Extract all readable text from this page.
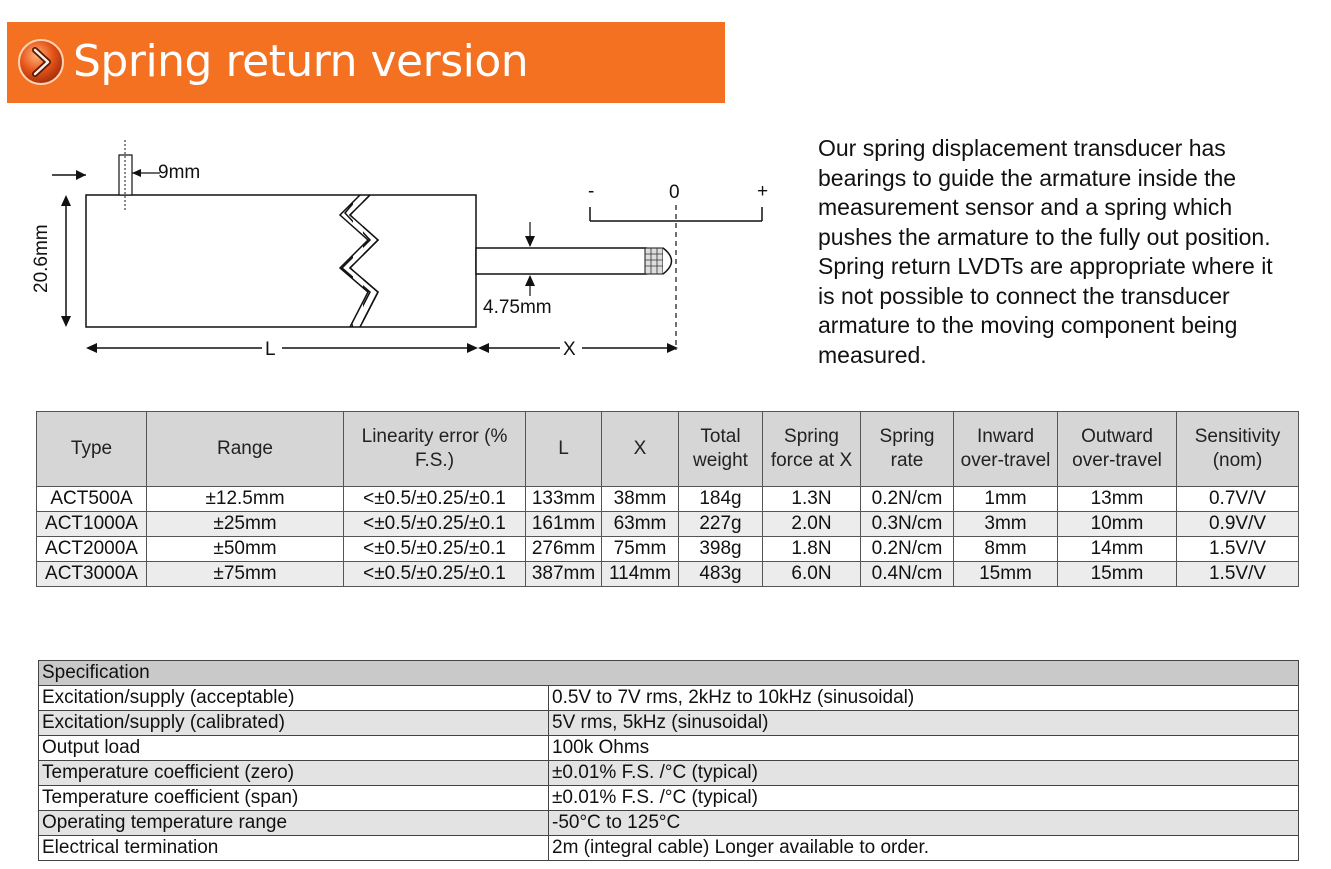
Spring return version
9mm
20.6mm
4.75mm
-	0	+
L	X
Our spring displacement transducer has bearings to guide the armature inside the measurement sensor and a spring which pushes the armature to the fully out position. Spring return LVDTs are appropriate where it is not possible to connect the transducer armature to the moving component being measured.
Type	Range	Linearity error (% F.S.)	L	X	Total weight	Spring force at X	Spring rate	Inward over-travel	Outward over-travel	Sensitivity (nom)
ACT500A	±12.5mm	<±0.5/±0.25/±0.1	133mm	38mm	184g	1.3N	0.2N/cm	1mm	13mm	0.7V/V
ACT1000A	±25mm	<±0.5/±0.25/±0.1	161mm	63mm	227g	2.0N	0.3N/cm	3mm	10mm	0.9V/V
ACT2000A	±50mm	<±0.5/±0.25/±0.1	276mm	75mm	398g	1.8N	0.2N/cm	8mm	14mm	1.5V/V
ACT3000A	±75mm	<±0.5/±0.25/±0.1	387mm	114mm	483g	6.0N	0.4N/cm	15mm	15mm	1.5V/V
Specification	
Excitation/supply (acceptable)	0.5V to 7V rms, 2kHz to 10kHz (sinusoidal)
Excitation/supply (calibrated)	5V rms, 5kHz (sinusoidal)
Output load	100k Ohms
Temperature coefficient (zero)	±0.01% F.S. /°C (typical)
Temperature coefficient (span)	±0.01% F.S. /°C (typical)
Operating temperature range	-50°C to 125°C
Electrical termination	2m (integral cable) Longer available to order.
